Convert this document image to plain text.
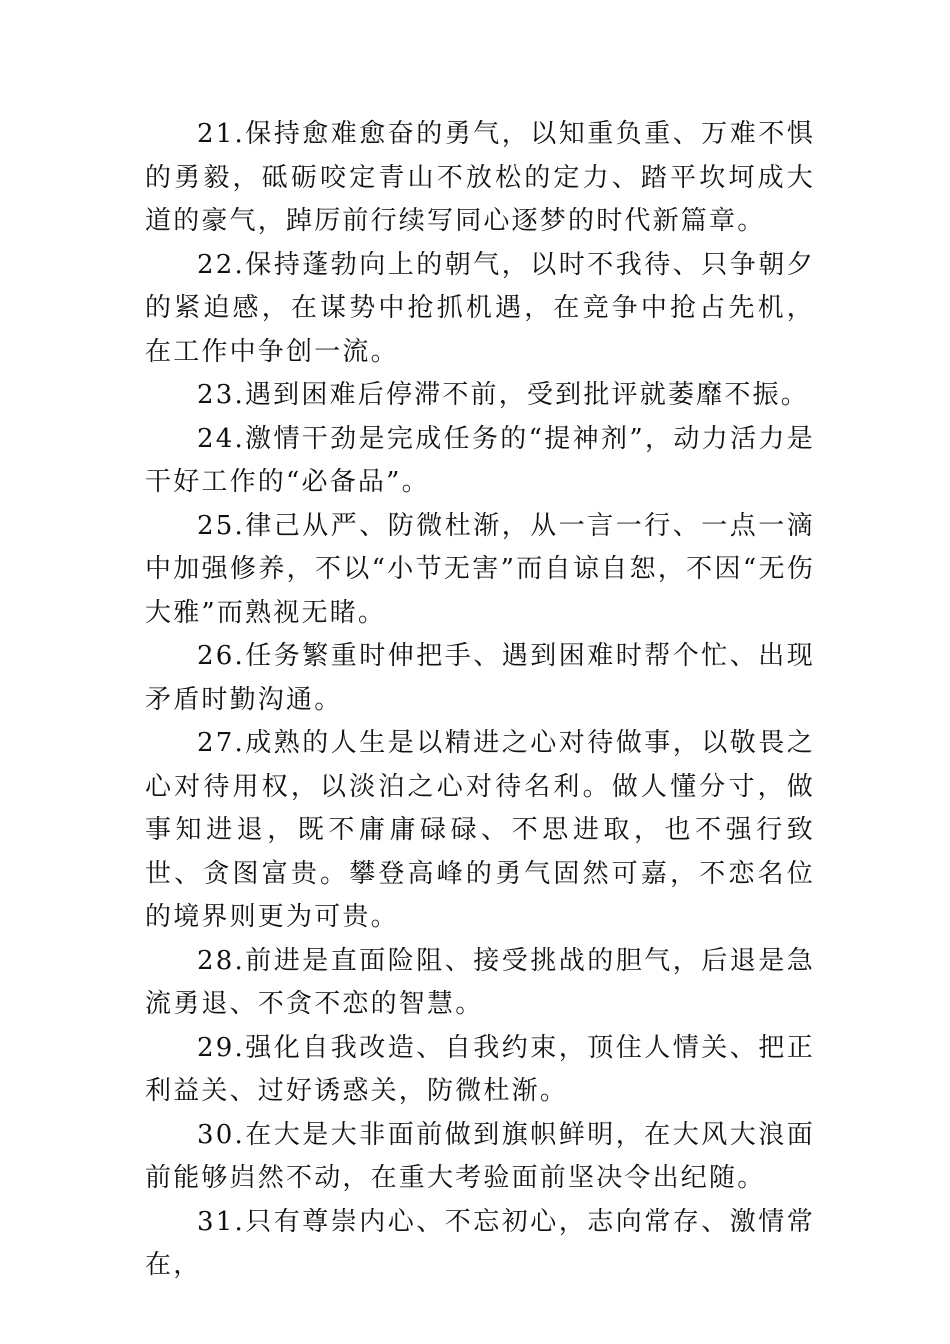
21.保持愈难愈奋的勇气，以知重负重、万难不惧的勇毅，砥砺咬定青山不放松的定力、踏平坎坷成大道的豪气，踔厉前行续写同心逐梦的时代新篇章。

22.保持蓬勃向上的朝气，以时不我待、只争朝夕的紧迫感，在谋势中抢抓机遇，在竞争中抢占先机，在工作中争创一流。

23.遇到困难后停滞不前，受到批评就萎靡不振。

24.激情干劲是完成任务的“提神剂”，动力活力是干好工作的“必备品”。

25.律己从严、防微杜渐，从一言一行、一点一滴中加强修养，不以“小节无害”而自谅自恕，不因“无伤大雅”而熟视无睹。

26.任务繁重时伸把手、遇到困难时帮个忙、出现矛盾时勤沟通。

27.成熟的人生是以精进之心对待做事，以敬畏之心对待用权，以淡泊之心对待名利。做人懂分寸，做事知进退，既不庸庸碌碌、不思进取，也不强行致世、贪图富贵。攀登高峰的勇气固然可嘉，不恋名位的境界则更为可贵。

28.前进是直面险阻、接受挑战的胆气，后退是急流勇退、不贪不恋的智慧。

29.强化自我改造、自我约束，顶住人情关、把正利益关、过好诱惑关，防微杜渐。

30.在大是大非面前做到旗帜鲜明，在大风大浪面前能够岿然不动，在重大考验面前坚决令出纪随。

31.只有尊崇内心、不忘初心，志向常存、激情常在，
